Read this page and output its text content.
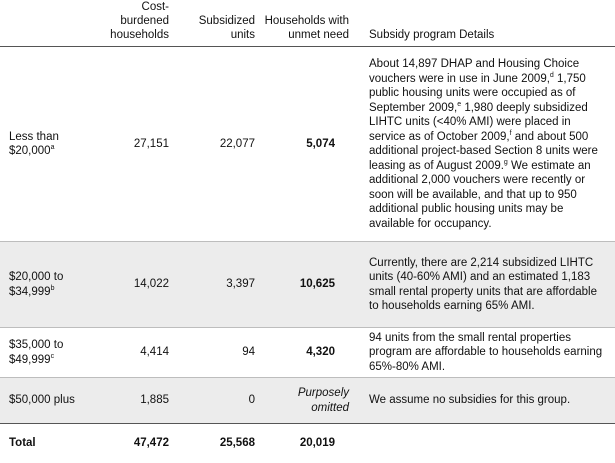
	Cost-burdened households	Subsidized units	Households with unmet need	Subsidy program Details
Less than $20,000$^a$	27,151	22,077	5,074	About 14,897 DHAP and Housing Choice vouchers were in use in June 2009,$^d$ 1,750 public housing units were occupied as of September 2009,$^e$ 1,980 deeply subsidized LIHTC units (<40% AMI) were placed in service as of October 2009,$^f$ and about 500 additional project-based Section 8 units were leasing as of August 2009.$^g$ We estimate an additional 2,000 vouchers were recently or soon will be available, and that up to 950 additional public housing units may be available for occupancy.
$20,000 to $34,999$^b$	14,022	3,397	10,625	Currently, there are 2,214 subsidized LIHTC units (40-60% AMI) and an estimated 1,183 small rental property units that are affordable to households earning 65% AMI.
$35,000 to $49,999$^c$	4,414	94	4,320	94 units from the small rental properties program are affordable to households earning 65%-80% AMI.
$50,000 plus	1,885	0	Purposely omitted	We assume no subsidies for this group.
Total	47,472	25,568	20,019	
